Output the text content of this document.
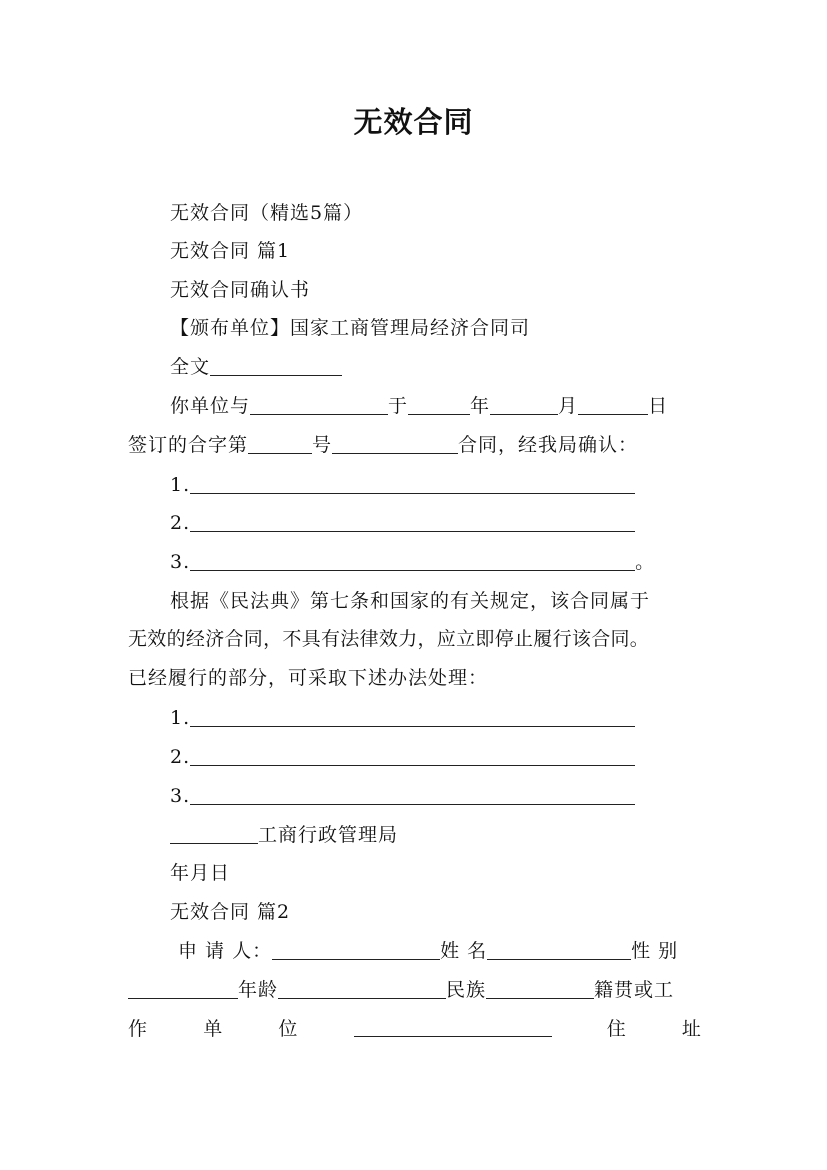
无效合同
无效合同（精选5篇）
无效合同 篇1
无效合同确认书
【颁布单位】国家工商管理局经济合同司
全文
你单位与	于	年	月	日
签订的合字第	号	合同，经我局确认：
1.
2.
3.	。
根据《民法典》第七条和国家的有关规定，该合同属于
无效的经济合同，不具有法律效力，应立即停止履行该合同。
已经履行的部分，可采取下述办法处理：
1.
2.
3.
工商行政管理局
年月日
无效合同 篇2
申 请 人：	姓 名	性 别
年龄	民族	籍贯或工
作	单	位	住	址
